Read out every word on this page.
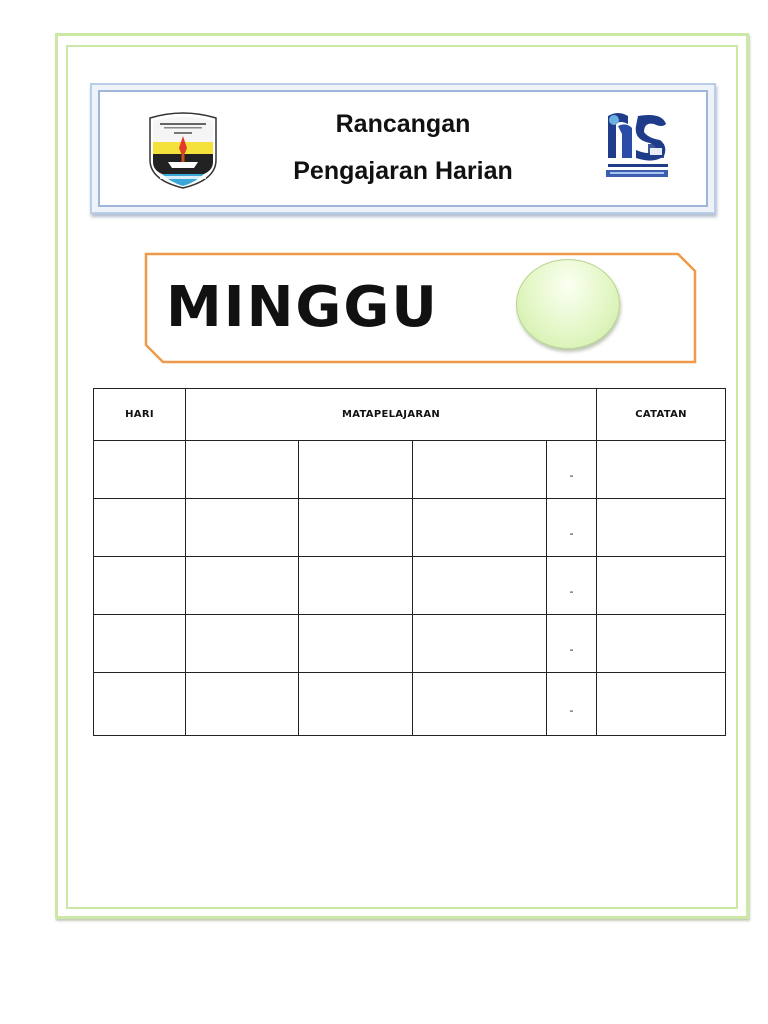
Rancangan
Pengajaran Harian
MINGGU
HARI	MATAPELAJARAN				CATATAN
				-	
				-	
				-	
				-	
				-	
